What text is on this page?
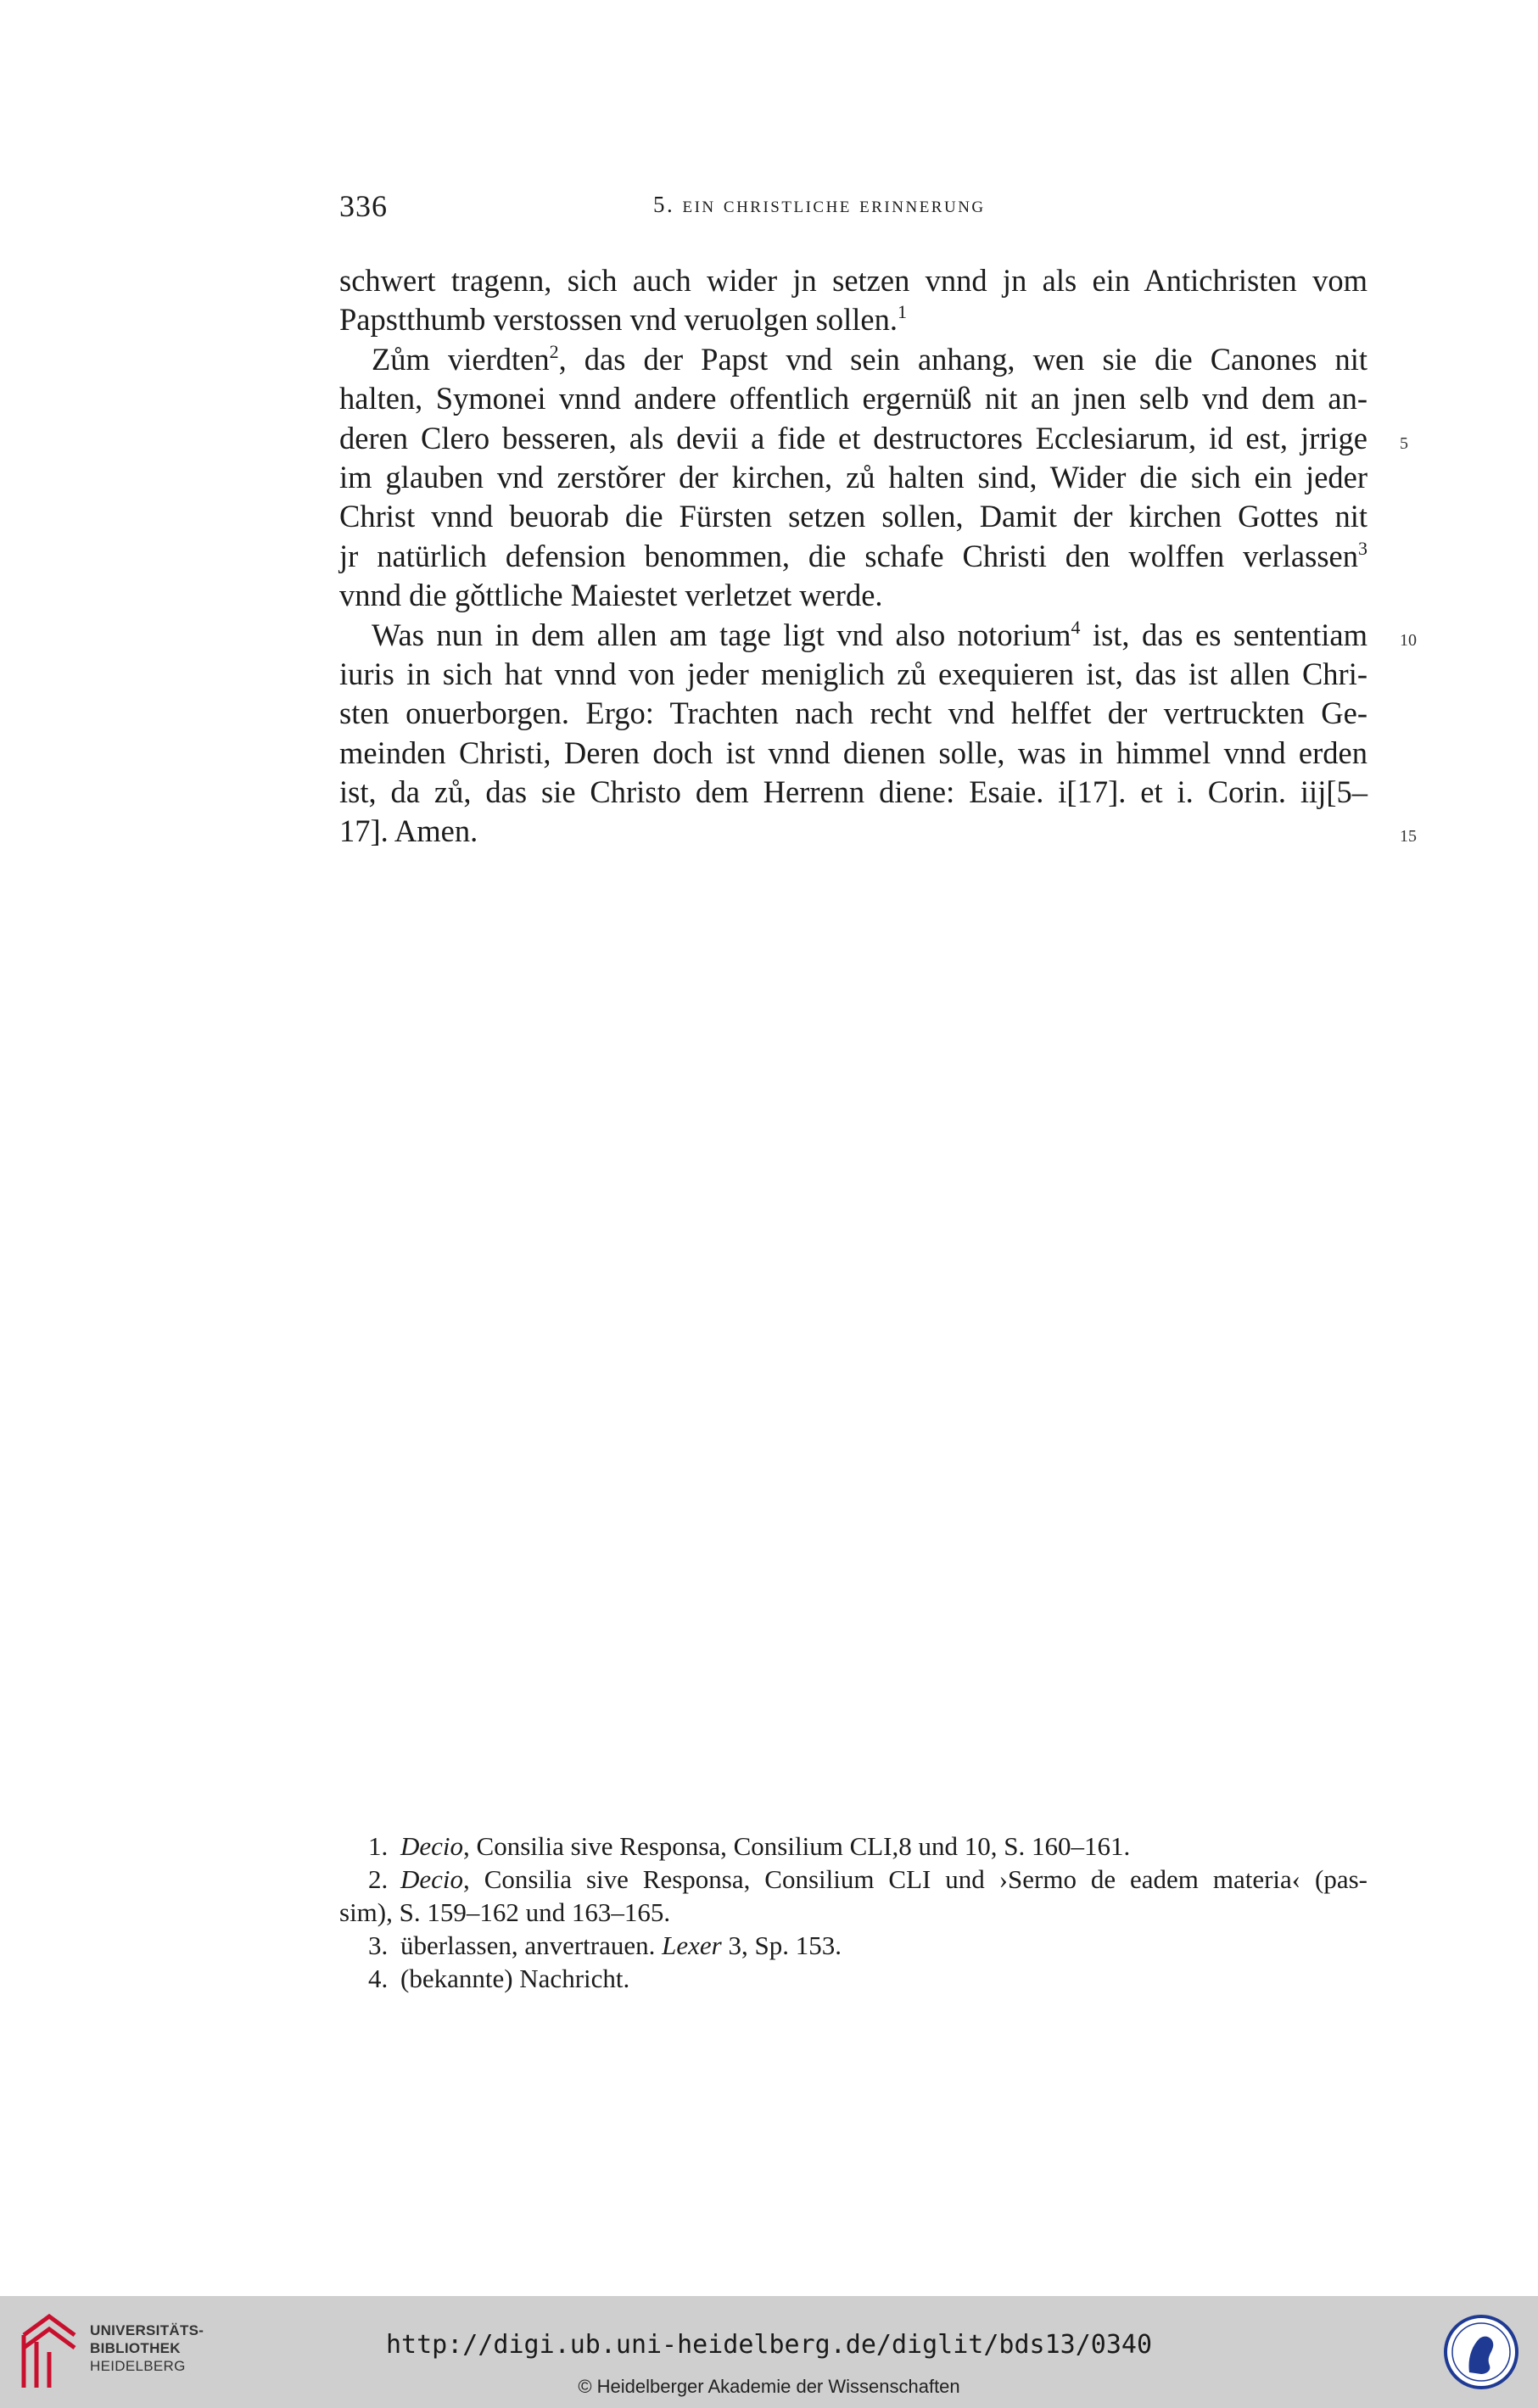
336	5. ein christliche erinnerung
schwert tragenn, sich auch wider jn setzen vnnd jn als ein Antichristen vom
Papstthumb verstossen vnd veruolgen sollen.$^1$
Zům vierdten$^2$, das der Papst vnd sein anhang, wen sie die Canones nit
halten, Symonei vnnd andere offentlich ergernüß nit an jnen selb vnd dem an-
deren Clero besseren, als devii a fide et destructores Ecclesiarum, id est, jrrige 5
im glauben vnd zerstǒrer der kirchen, zů halten sind, Wider die sich ein jeder
Christ vnnd beuorab die Fürsten setzen sollen, Damit der kirchen Gottes nit
jr natürlich defension benommen, die schafe Christi den wolffen verlassen$^3$
vnnd die gǒttliche Maiestet verletzet werde.
Was nun in dem allen am tage ligt vnd also notorium$^4$ ist, das es sententiam 10
iuris in sich hat vnnd von jeder meniglich zů exequieren ist, das ist allen Chri-
sten onuerborgen. Ergo: Trachten nach recht vnd helffet der vertruckten Ge-
meinden Christi, Deren doch ist vnnd dienen solle, was in himmel vnnd erden
ist, da zů, das sie Christo dem Herrenn diene: Esaie. i[17]. et i. Corin. iij[5–
17]. Amen.	15
1. Decio, Consilia sive Responsa, Consilium CLI,8 und 10, S. 160–161.
2. Decio, Consilia sive Responsa, Consilium CLI und ›Sermo de eadem materia‹ (pas-
sim), S. 159–162 und 163–165.
3. überlassen, anvertrauen. Lexer 3, Sp. 153.
4. (bekannte) Nachricht.
UNIVERSITÄTS-
BIBLIOTHEK
HEIDELBERG
http://digi.ub.uni-heidelberg.de/diglit/bds13/0340
© Heidelberger Akademie der Wissenschaften
